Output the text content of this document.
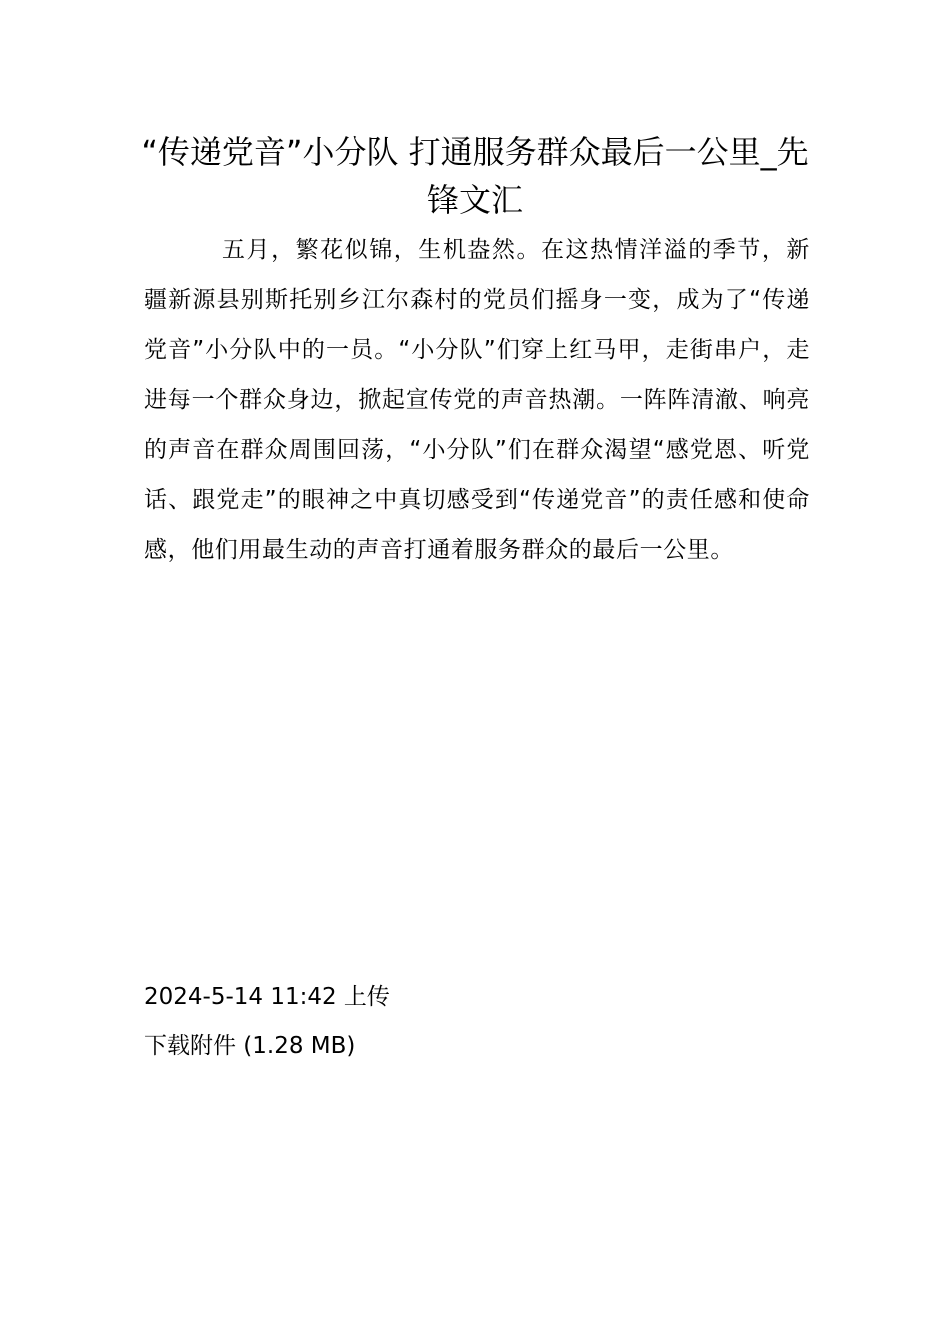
“传递党音”小分队 打通服务群众最后一公里_先锋文汇

五月，繁花似锦，生机盎然。在这热情洋溢的季节，新疆新源县别斯托别乡江尔森村的党员们摇身一变，成为了“传递党音”小分队中的一员。“小分队”们穿上红马甲，走街串户，走进每一个群众身边，掀起宣传党的声音热潮。一阵阵清澈、响亮的声音在群众周围回荡，“小分队”们在群众渴望“感党恩、听党话、跟党走”的眼神之中真切感受到“传递党音”的责任感和使命感，他们用最生动的声音打通着服务群众的最后一公里。

2024-5-14 11:42 上传

下载附件 (1.28 MB)
